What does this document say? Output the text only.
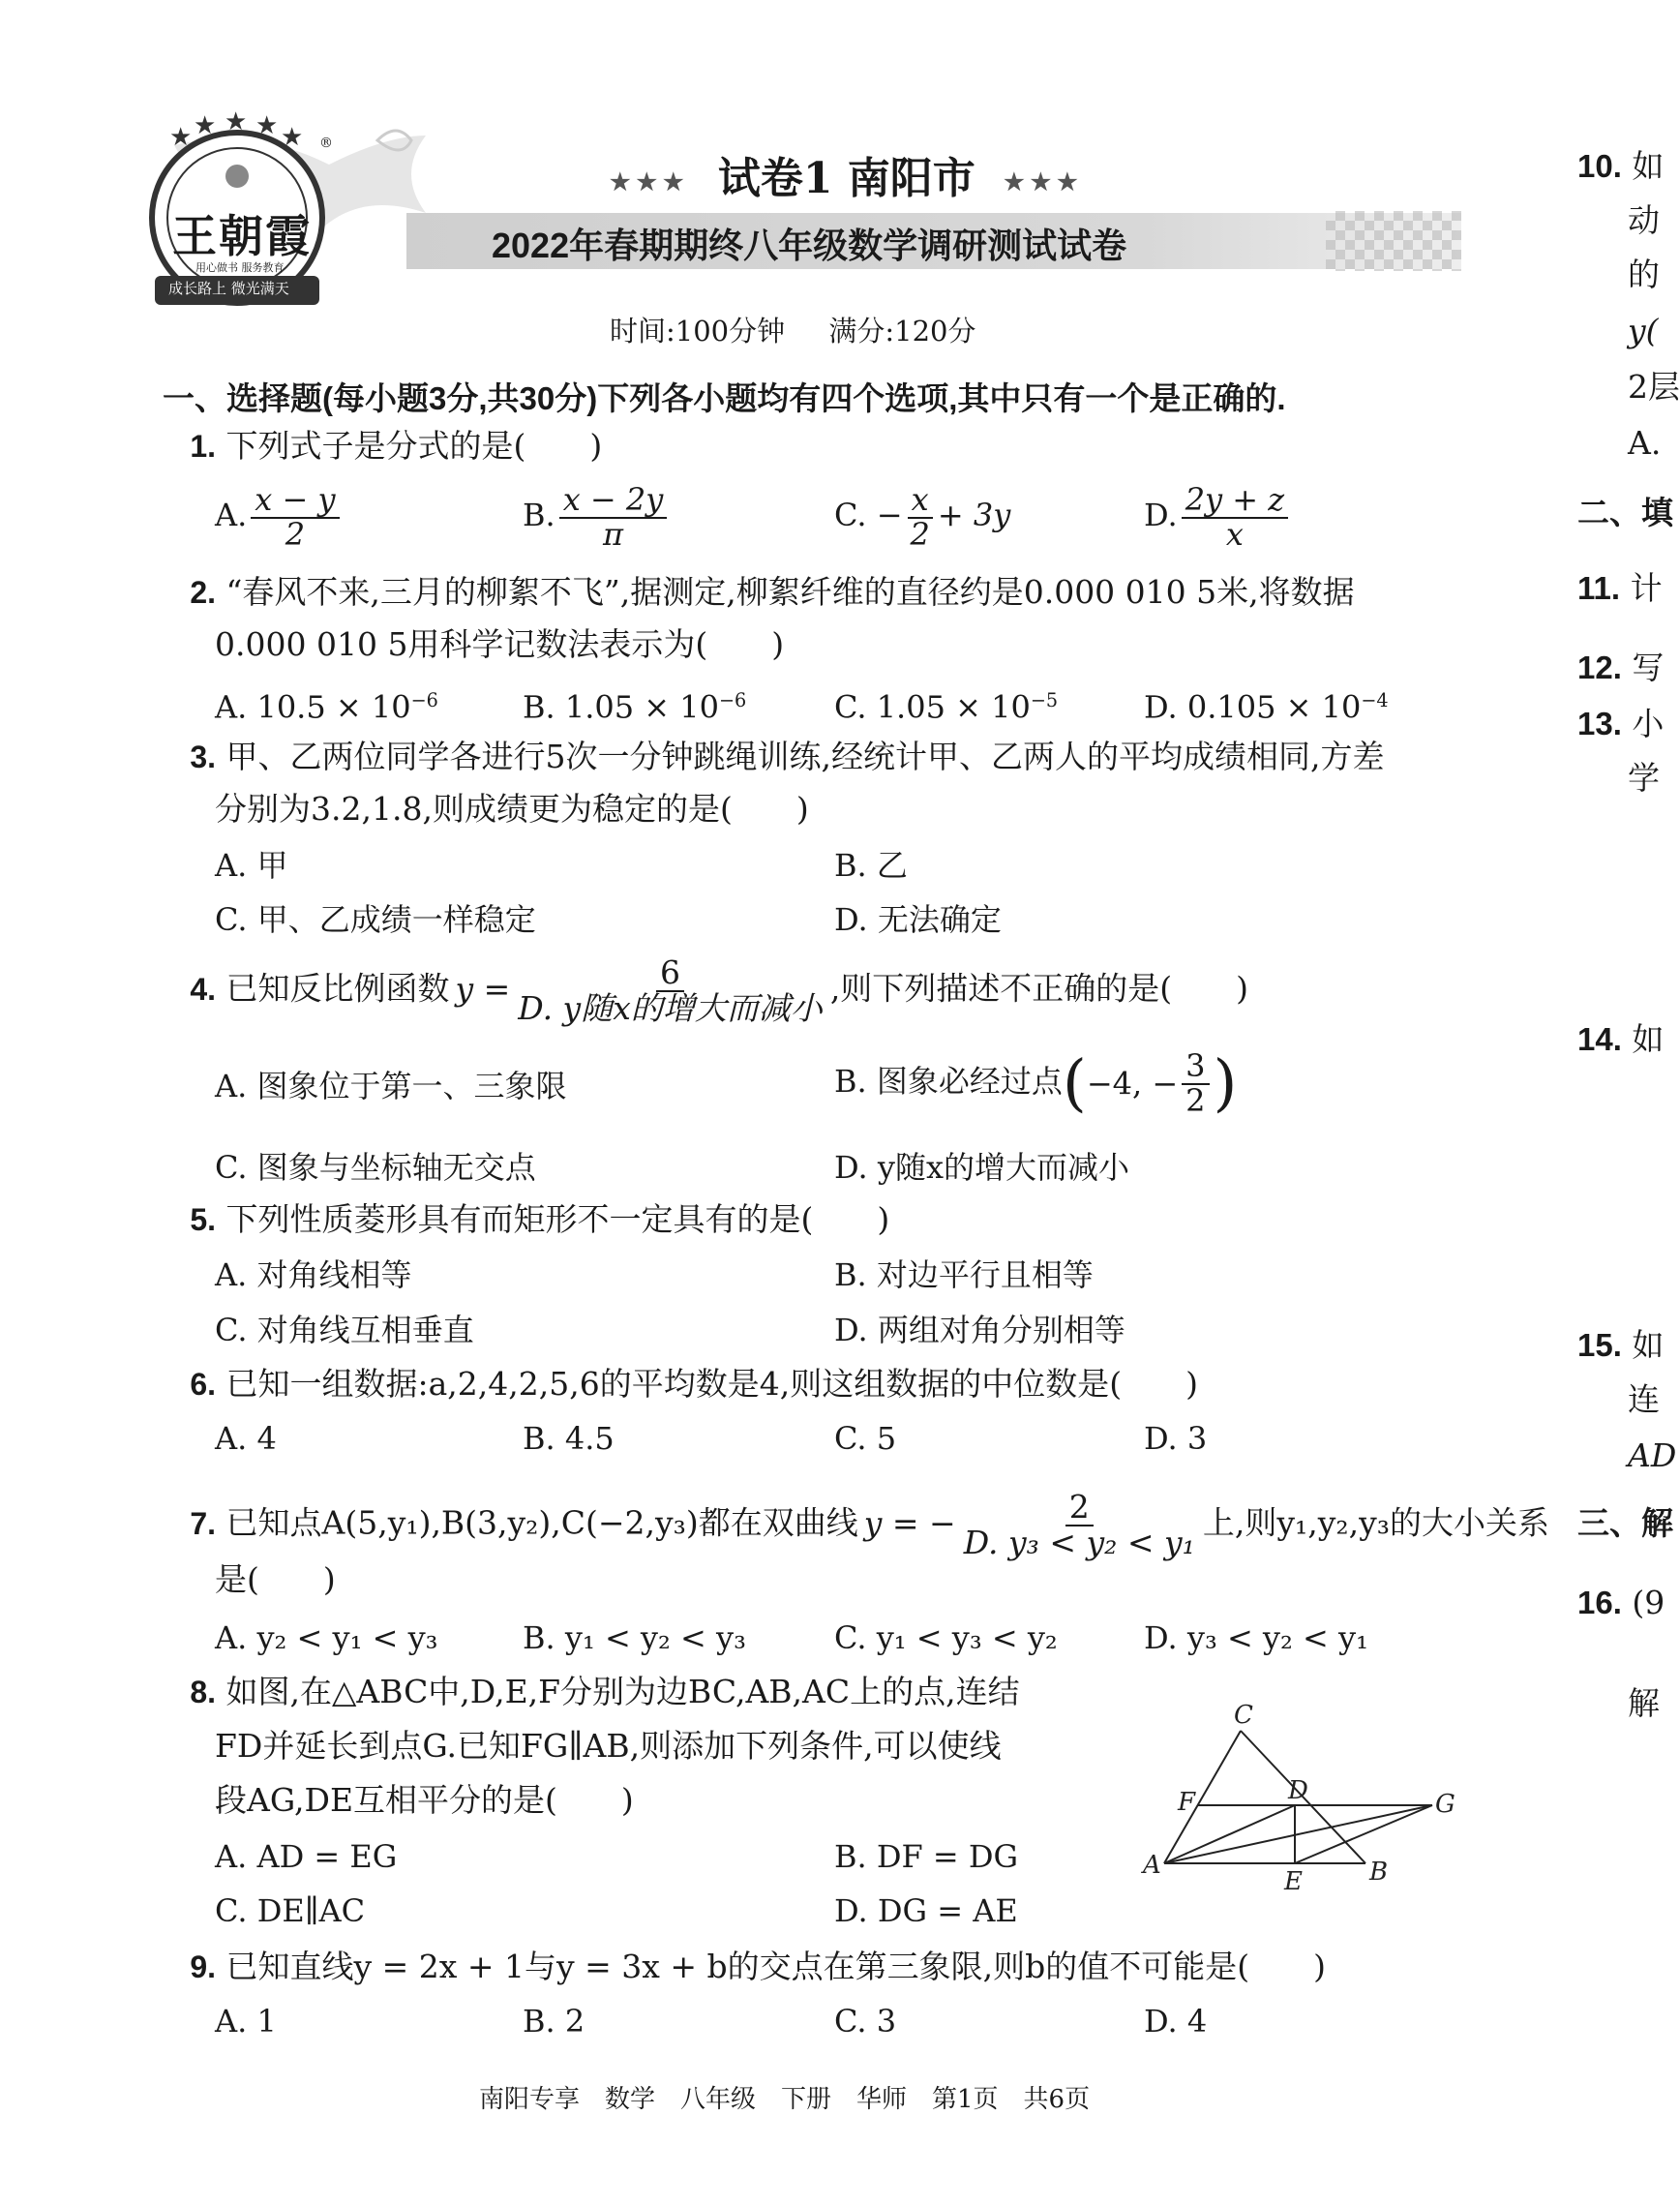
★ ★ ★ ★ ★
王朝霞
用心做书 服务教育
成长路上 微光满天
®
★★★ 试卷1 南阳市 ★★★
2022年春期期终八年级数学调研测试试卷
时间:100分钟 满分:120分
一、选择题(每小题3分,共30分)下列各小题均有四个选项,其中只有一个是正确的.
1. 下列式子是分式的是(　　)
A. $\frac{x - y}{2}$	B. $\frac{x - 2y}{\pi}$	C. − $\frac{x}{2} + 3y$	D. $\frac{2y + z}{x}$
2. “春风不来,三月的柳絮不飞”,据测定,柳絮纤维的直径约是0.000 010 5米,将数据
0.000 010 5用科学记数法表示为(　　)
A. $10.5 \times 10^{-6}$	B. $1.05 \times 10^{-6}$	C. $1.05 \times 10^{-5}$	D. $0.105 \times 10^{-4}$
3. 甲、乙两位同学各进行5次一分钟跳绳训练,经统计甲、乙两人的平均成绩相同,方差
分别为3.2,1.8,则成绩更为稳定的是(　　)
A. 甲	B. 乙
C. 甲、乙成绩一样稳定	D. 无法确定
4. 已知反比例函数 $y = \frac{6}{\text{D. y随x的增大而减小}}$ ,则下列描述不正确的是(　　)
A. 图象位于第一、三象限	B. 图象必经过点(−4, − $\frac{3}{2}$ )
C. 图象与坐标轴无交点	D. y随x的增大而减小
5. 下列性质菱形具有而矩形不一定具有的是(　　)
A. 对角线相等	B. 对边平行且相等
C. 对角线互相垂直	D. 两组对角分别相等
6. 已知一组数据:a,2,4,2,5,6的平均数是4,则这组数据的中位数是(　　)
A. 4	B. 4.5	C. 5	D. 3
7. 已知点A(5,y₁),B(3,y₂),C(−2,y₃)都在双曲线 y = − $\frac{2}{\text{D. y₃ < y₂ < y₁}}$ 上,则y₁,y₂,y₃的大小关系
是(　　)
A. y₂ < y₁ < y₃	B. y₁ < y₂ < y₃	C. y₁ < y₃ < y₂	D. y₃ < y₂ < y₁
8. 如图,在△ABC中,D,E,F分别为边BC,AB,AC上的点,连结
FD并延长到点G.已知FG∥AB,则添加下列条件,可以使线
段AG,DE互相平分的是(　　)
A. AD = EG	B. DF = DG
C. DE∥AC	D. DG = AE
A	B
C
D
E
F	G
9. 已知直线y = 2x + 1与y = 3x + b的交点在第三象限,则b的值不可能是(　　)
A. 1	B. 2	C. 3	D. 4
南阳专享　数学　八年级　下册　华师　第1页　共6页
10. 如
动
的
y(
2层
A.
二、填
11. 计
12. 写
13. 小
学
14. 如
15. 如
连
AD
三、解
16. (9
解
